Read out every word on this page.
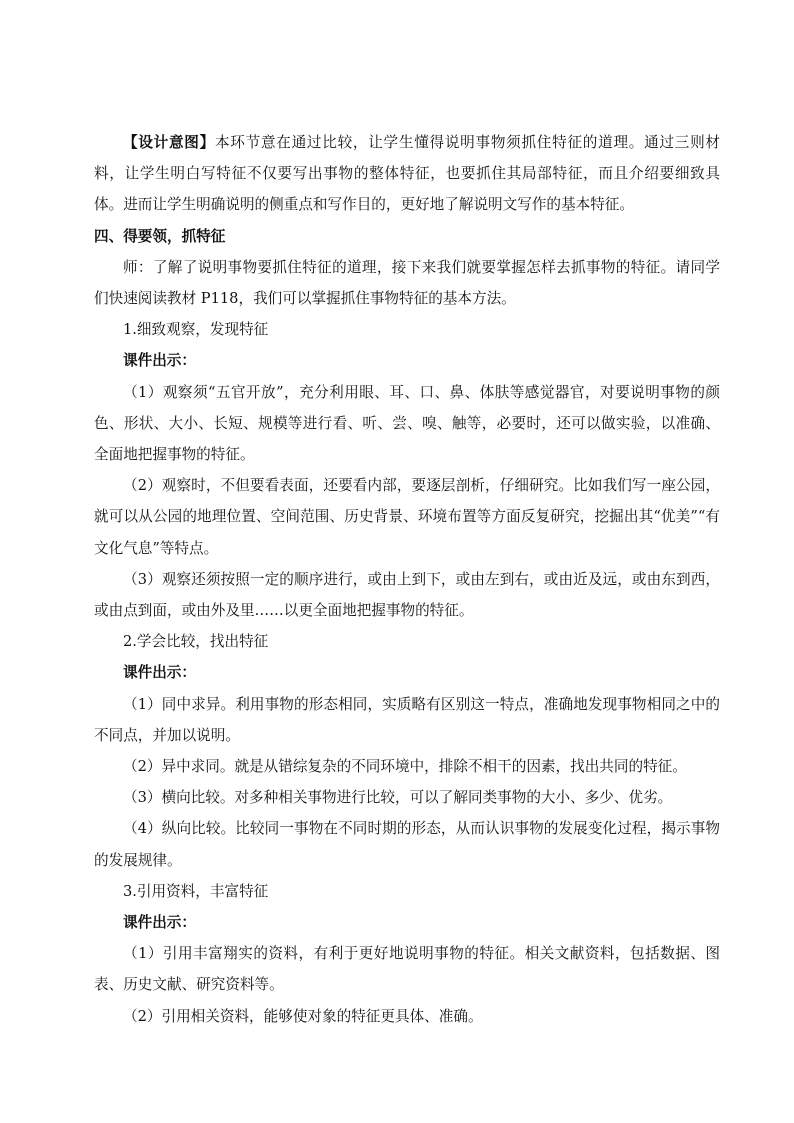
【设计意图】本环节意在通过比较，让学生懂得说明事物须抓住特征的道理。通过三则材料，让学生明白写特征不仅要写出事物的整体特征，也要抓住其局部特征，而且介绍要细致具体。进而让学生明确说明的侧重点和写作目的，更好地了解说明文写作的基本特征。

四、得要领，抓特征

师：了解了说明事物要抓住特征的道理，接下来我们就要掌握怎样去抓事物的特征。请同学们快速阅读教材 P118，我们可以掌握抓住事物特征的基本方法。

1.细致观察，发现特征

课件出示：

（1）观察须“五官开放”，充分利用眼、耳、口、鼻、体肤等感觉器官，对要说明事物的颜色、形状、大小、长短、规模等进行看、听、尝、嗅、触等，必要时，还可以做实验，以准确、全面地把握事物的特征。

（2）观察时，不但要看表面，还要看内部，要逐层剖析，仔细研究。比如我们写一座公园，就可以从公园的地理位置、空间范围、历史背景、环境布置等方面反复研究，挖掘出其“优美”“有文化气息”等特点。

（3）观察还须按照一定的顺序进行，或由上到下，或由左到右，或由近及远，或由东到西，或由点到面，或由外及里……以更全面地把握事物的特征。

2.学会比较，找出特征

课件出示：

（1）同中求异。利用事物的形态相同，实质略有区别这一特点，准确地发现事物相同之中的不同点，并加以说明。

（2）异中求同。就是从错综复杂的不同环境中，排除不相干的因素，找出共同的特征。

（3）横向比较。对多种相关事物进行比较，可以了解同类事物的大小、多少、优劣。

（4）纵向比较。比较同一事物在不同时期的形态，从而认识事物的发展变化过程，揭示事物的发展规律。

3.引用资料，丰富特征

课件出示：

（1）引用丰富翔实的资料，有利于更好地说明事物的特征。相关文献资料，包括数据、图表、历史文献、研究资料等。

（2）引用相关资料，能够使对象的特征更具体、准确。
